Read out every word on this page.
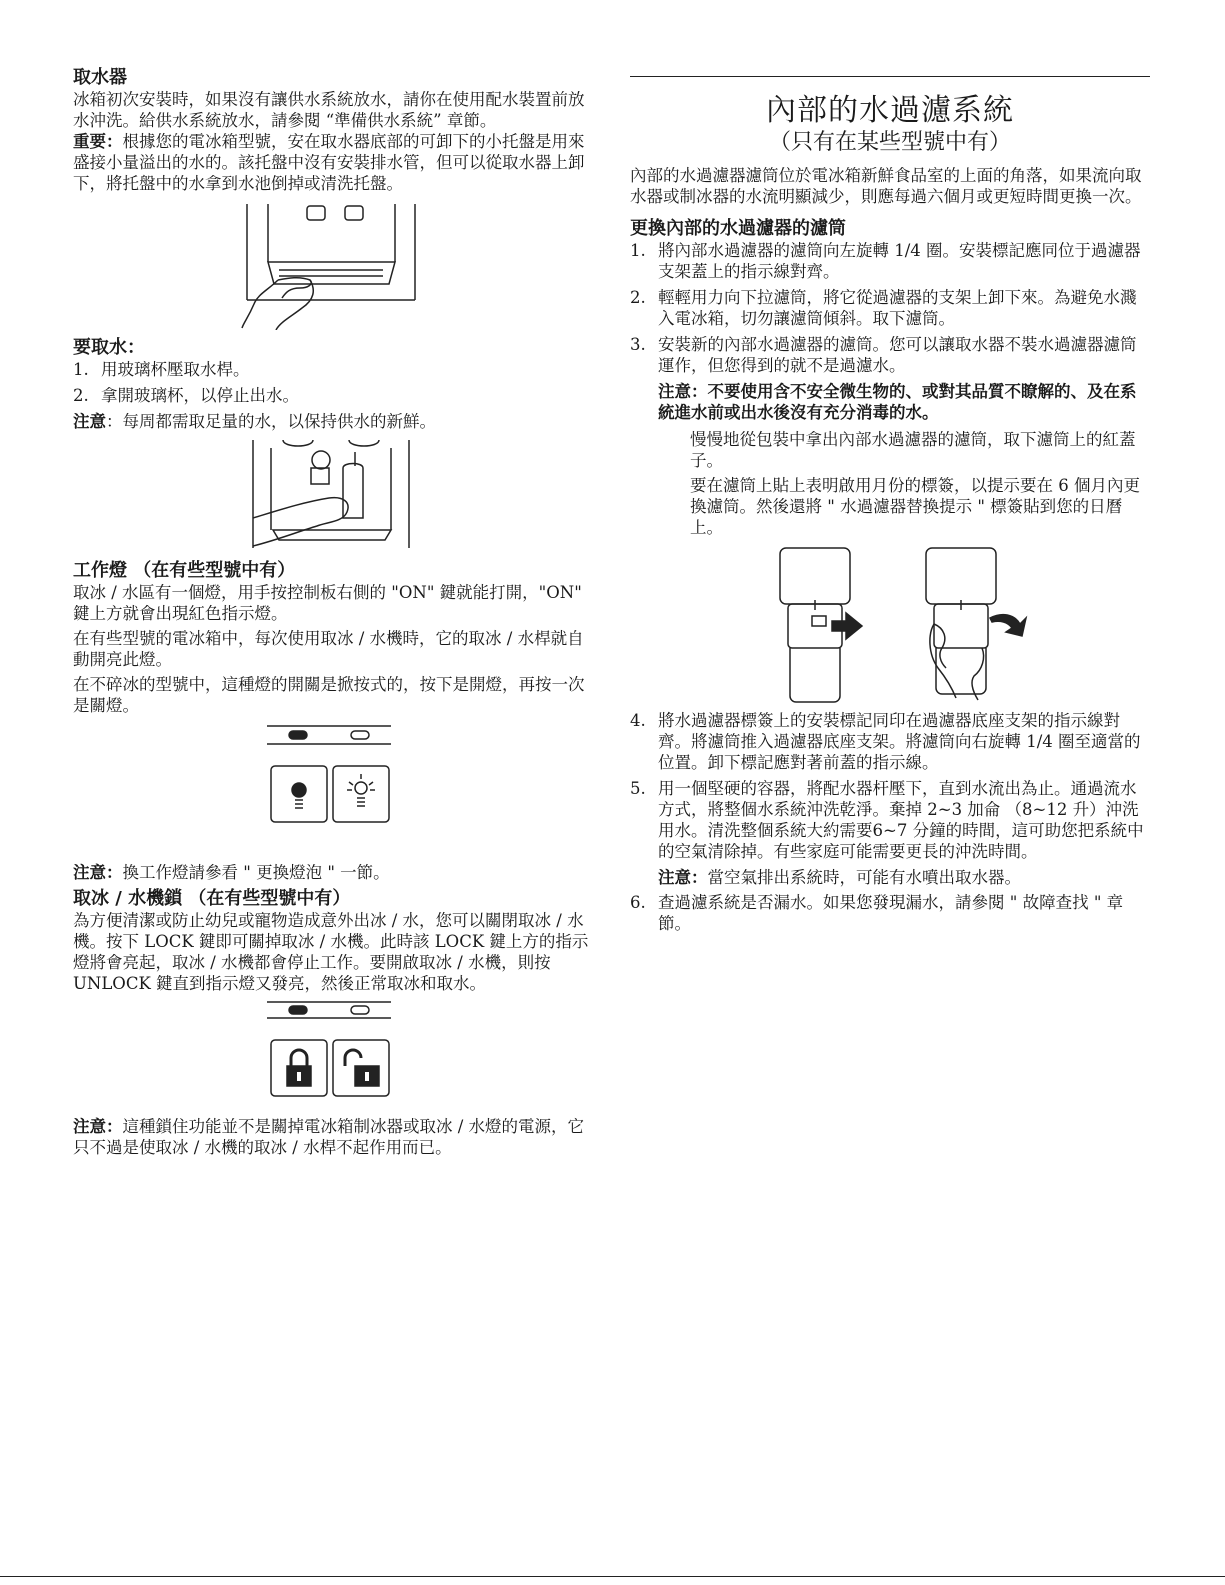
取水器

冰箱初次安裝時，如果沒有讓供水系統放水，請你在使用配水裝置前放水沖洗。給供水系統放水，請參閱 “準備供水系統” 章節。

重要：根據您的電冰箱型號，安在取水器底部的可卸下的小托盤是用來盛接小量溢出的水的。該托盤中沒有安裝排水管，但可以從取水器上卸下，將托盤中的水拿到水池倒掉或清洗托盤。

要取水：
1. 用玻璃杯壓取水桿。
2. 拿開玻璃杯，以停止出水。

注意：每周都需取足量的水，以保持供水的新鮮。

工作燈 （在有些型號中有）

取冰 / 水區有一個燈，用手按控制板右側的 "ON" 鍵就能打開，"ON" 鍵上方就會出現紅色指示燈。

在有些型號的電冰箱中，每次使用取冰 / 水機時，它的取冰 / 水桿就自動開亮此燈。

在不碎冰的型號中，這種燈的開關是掀按式的，按下是開燈，再按一次是關燈。

注意：換工作燈請參看 " 更換燈泡 " 一節。

取冰 / 水機鎖 （在有些型號中有）

為方便清潔或防止幼兒或寵物造成意外出冰 / 水，您可以關閉取冰 / 水機。按下 LOCK 鍵即可關掉取冰 / 水機。此時該 LOCK 鍵上方的指示燈將會亮起，取冰 / 水機都會停止工作。要開啟取冰 / 水機，則按 UNLOCK 鍵直到指示燈又發亮，然後正常取冰和取水。

注意：這種鎖住功能並不是關掉電冰箱制冰器或取冰 / 水燈的電源，它只不過是使取冰 / 水機的取冰 / 水桿不起作用而已。

內部的水過濾系統
（只有在某些型號中有）

內部的水過濾器濾筒位於電冰箱新鮮食品室的上面的角落，如果流向取水器或制冰器的水流明顯減少，則應每過六個月或更短時間更換一次。

更換內部的水過濾器的濾筒
1. 將內部水過濾器的濾筒向左旋轉 1/4 圈。安裝標記應同位于過濾器支架蓋上的指示線對齊。
2. 輕輕用力向下拉濾筒，將它從過濾器的支架上卸下來。為避免水濺入電冰箱，切勿讓濾筒傾斜。取下濾筒。
3. 安裝新的內部水過濾器的濾筒。您可以讓取水器不裝水過濾器濾筒運作，但您得到的就不是過濾水。

注意：不要使用含不安全微生物的、或對其品質不瞭解的、及在系統進水前或出水後沒有充分消毒的水。

慢慢地從包裝中拿出內部水過濾器的濾筒，取下濾筒上的紅蓋子。

要在濾筒上貼上表明啟用月份的標簽，以提示要在 6 個月內更換濾筒。然後還將 " 水過濾器替換提示 " 標簽貼到您的日曆上。

4. 將水過濾器標簽上的安裝標記同印在過濾器底座支架的指示線對齊。將濾筒推入過濾器底座支架。將濾筒向右旋轉 1/4 圈至適當的位置。卸下標記應對著前蓋的指示線。
5. 用一個堅硬的容器，將配水器杆壓下，直到水流出為止。通過流水方式，將整個水系統沖洗乾淨。棄掉 2~3 加侖 （8~12 升）沖洗用水。清洗整個系統大約需要6~7 分鐘的時間，這可助您把系統中的空氣清除掉。有些家庭可能需要更長的沖洗時間。

注意：當空氣排出系統時，可能有水噴出取水器。

6. 查過濾系統是否漏水。如果您發現漏水，請參閱 " 故障查找 " 章節。
